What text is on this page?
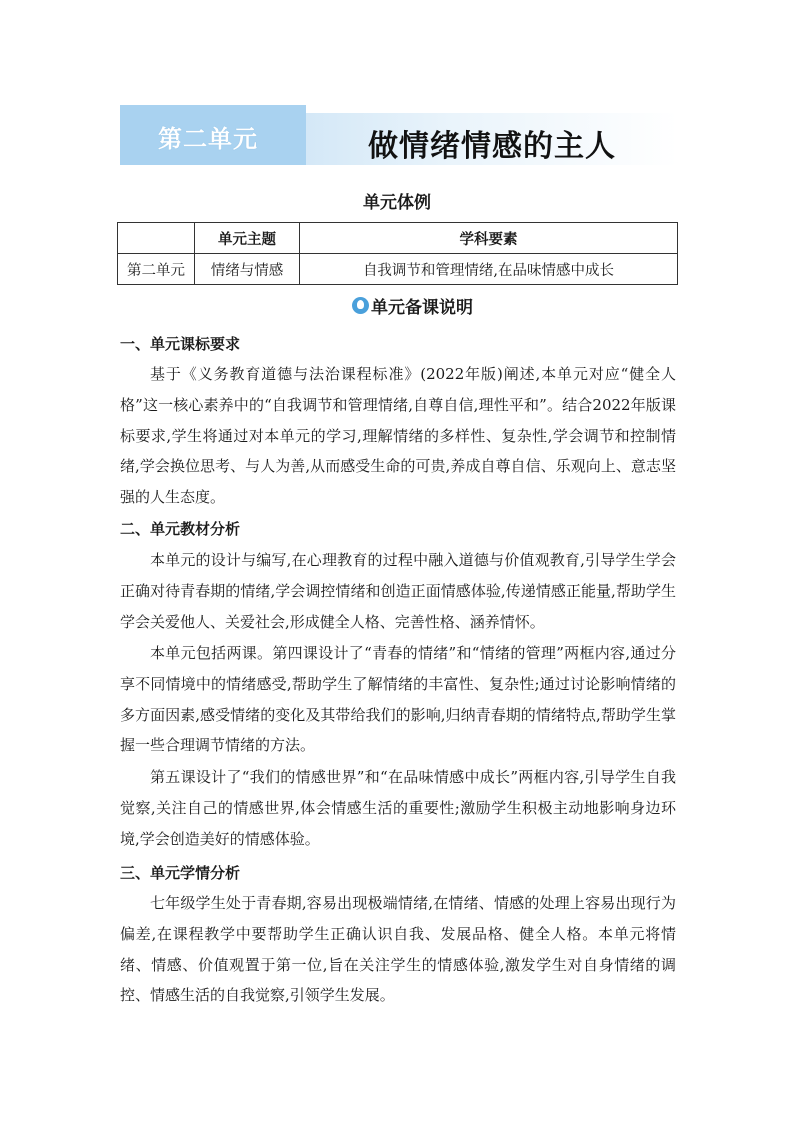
第二单元	做情绪情感的主人
单元体例
	单元主题	学科要素
第二单元	情绪与情感	自我调节和管理情绪,在品味情感中成长
单元备课说明
一、单元课标要求

基于《义务教育道德与法治课程标准》(2022年版)阐述,本单元对应“健全人格”这一核心素养中的“自我调节和管理情绪,自尊自信,理性平和”。结合2022年版课标要求,学生将通过对本单元的学习,理解情绪的多样性、复杂性,学会调节和控制情绪,学会换位思考、与人为善,从而感受生命的可贵,养成自尊自信、乐观向上、意志坚强的人生态度。

二、单元教材分析

本单元的设计与编写,在心理教育的过程中融入道德与价值观教育,引导学生学会正确对待青春期的情绪,学会调控情绪和创造正面情感体验,传递情感正能量,帮助学生学会关爱他人、关爱社会,形成健全人格、完善性格、涵养情怀。

本单元包括两课。第四课设计了“青春的情绪”和“情绪的管理”两框内容,通过分享不同情境中的情绪感受,帮助学生了解情绪的丰富性、复杂性;通过讨论影响情绪的多方面因素,感受情绪的变化及其带给我们的影响,归纳青春期的情绪特点,帮助学生掌握一些合理调节情绪的方法。

第五课设计了“我们的情感世界”和“在品味情感中成长”两框内容,引导学生自我觉察,关注自己的情感世界,体会情感生活的重要性;激励学生积极主动地影响身边环境,学会创造美好的情感体验。

三、单元学情分析

七年级学生处于青春期,容易出现极端情绪,在情绪、情感的处理上容易出现行为偏差,在课程教学中要帮助学生正确认识自我、发展品格、健全人格。本单元将情绪、情感、价值观置于第一位,旨在关注学生的情感体验,激发学生对自身情绪的调控、情感生活的自我觉察,引领学生发展。
